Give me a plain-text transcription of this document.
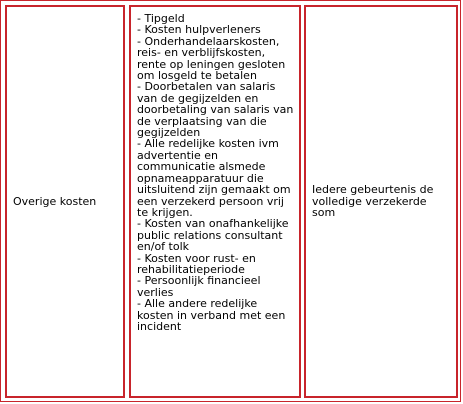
Overige kosten
- Tipgeld
- Kosten hulpverleners
- Onderhandelaarskosten, reis- en verblijfskosten, rente op leningen gesloten om losgeld te betalen
- Doorbetalen van salaris van de gegijzelden en doorbetaling van salaris van de verplaatsing van die gegijzelden
- Alle redelijke kosten ivm advertentie en communicatie alsmede opnameapparatuur die uitsluitend zijn gemaakt om een verzekerd persoon vrij te krijgen.
- Kosten van onafhankelijke public relations consultant en/of tolk
- Kosten voor rust- en rehabilitatieperiode
- Persoonlijk financieel verlies
- Alle andere redelijke kosten in verband met een incident
Iedere gebeurtenis de volledige verzekerde som
